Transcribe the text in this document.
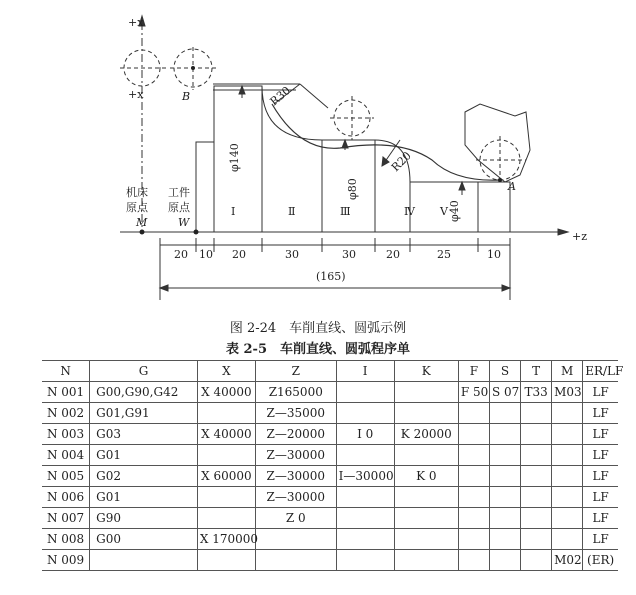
+x
+x	B
A
M	W
机床
原点
工件
原点
R30
R20
φ140
φ80
φ40
Ⅰ	Ⅱ	Ⅲ	Ⅳ Ⅴ
20 10 20	30	30	20	25	10
(165)
+z
图 2-24　车削直线、圆弧示例
表 2-5　车削直线、圆弧程序单
N	G	X	Z	I	K	F	S	T	M	ER/LF
N 001	G00,G90,G42	X 40000	Z165000			F 50	S 07	T33	M03	LF
N 002	G01,G91		Z—35000							LF
N 003	G03	X 40000	Z—20000	I 0	K 20000					LF
N 004	G01		Z—30000							LF
N 005	G02	X 60000	Z—30000	I—30000	K 0					LF
N 006	G01		Z—30000							LF
N 007	G90		Z 0							LF
N 008	G00	X 170000								LF
N 009									M02	(ER)
